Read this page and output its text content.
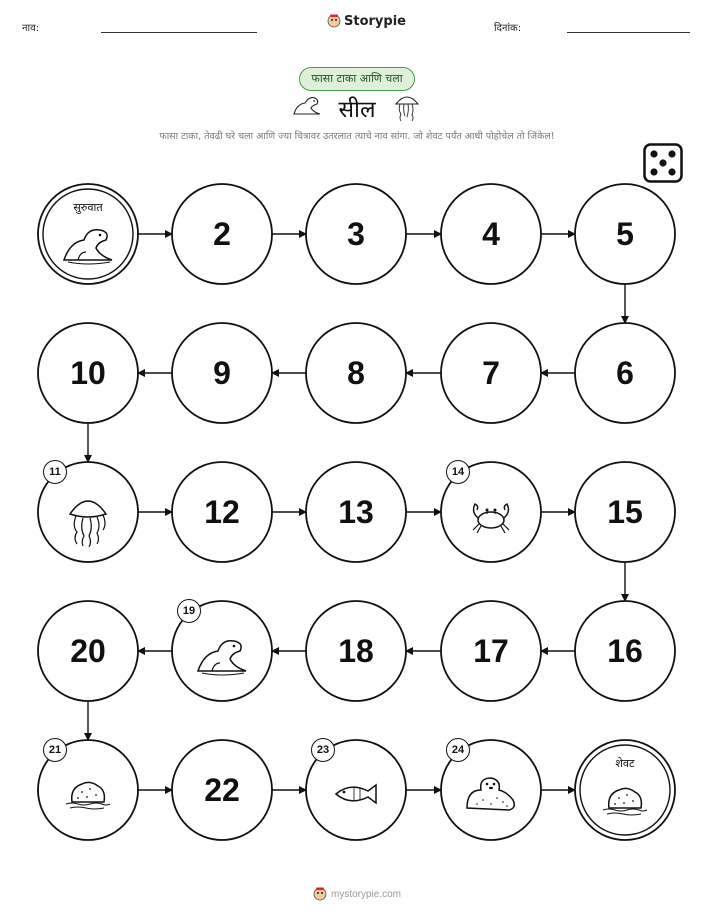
नाव:	Storypie	दिनांक:
फासा टाका आणि चला
सील
फासा टाका, तेवढी घरे चला आणि ज्या चित्रावर उतरलात त्याचे नाव सांगा. जो शेवट पर्यंत आधी पोहोचेल तो जिंकेल!
सुरुवात
2	3	4	5
6
7
8
9
10
11
12	13
14
15
16
17
18
19
20
21
22
23	24
शेवट
mystorypie.com
